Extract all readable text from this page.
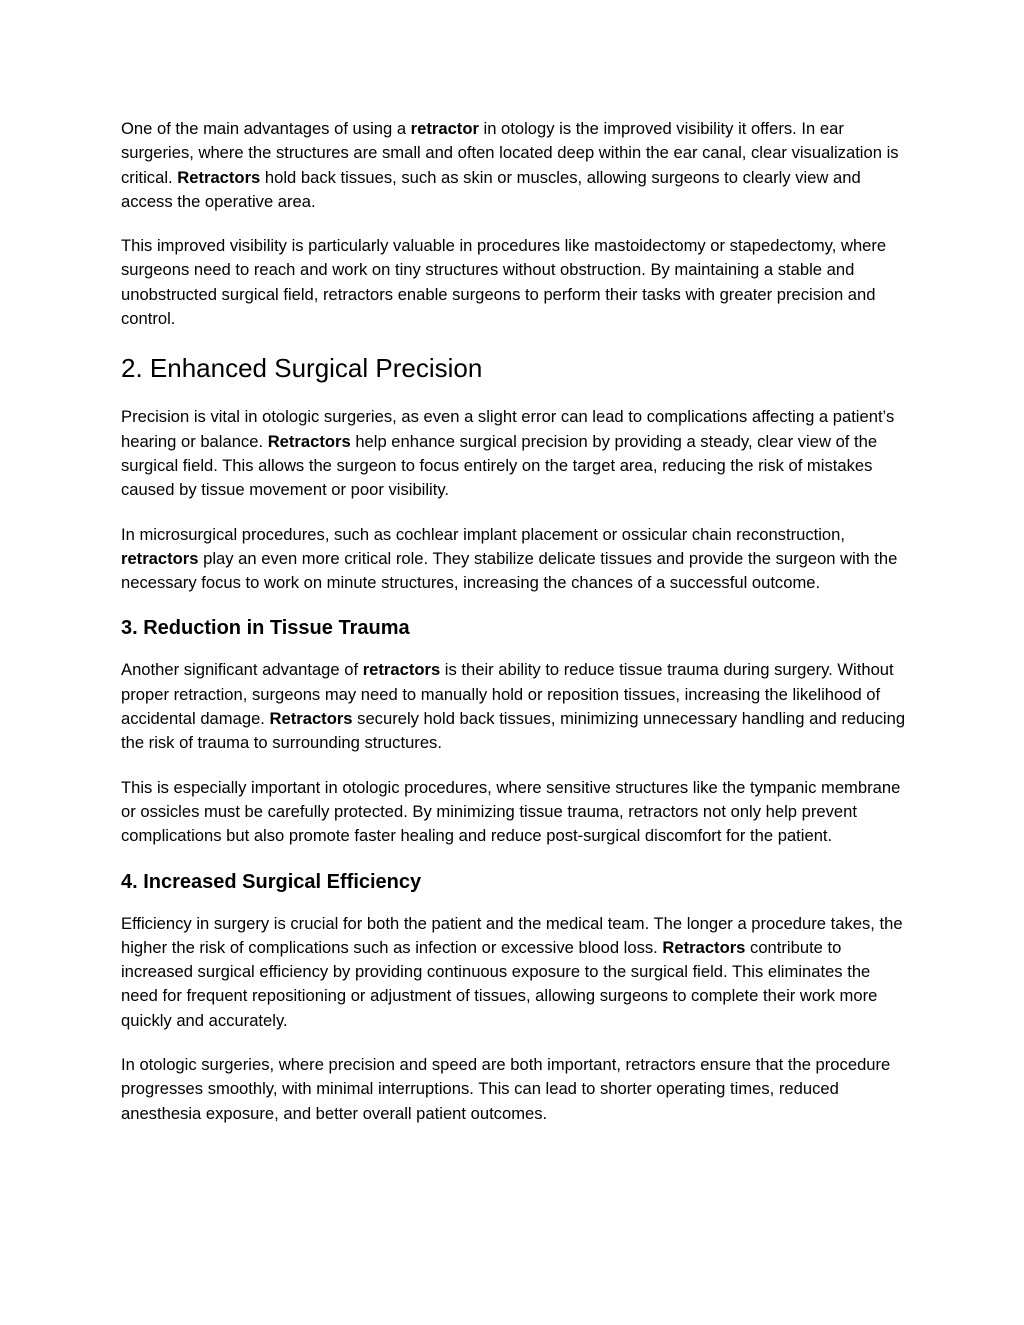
One of the main advantages of using a retractor in otology is the improved visibility it offers. In ear surgeries, where the structures are small and often located deep within the ear canal, clear visualization is critical. Retractors hold back tissues, such as skin or muscles, allowing surgeons to clearly view and access the operative area.

This improved visibility is particularly valuable in procedures like mastoidectomy or stapedectomy, where surgeons need to reach and work on tiny structures without obstruction. By maintaining a stable and unobstructed surgical field, retractors enable surgeons to perform their tasks with greater precision and control.

2. Enhanced Surgical Precision

Precision is vital in otologic surgeries, as even a slight error can lead to complications affecting a patient’s hearing or balance. Retractors help enhance surgical precision by providing a steady, clear view of the surgical field. This allows the surgeon to focus entirely on the target area, reducing the risk of mistakes caused by tissue movement or poor visibility.

In microsurgical procedures, such as cochlear implant placement or ossicular chain reconstruction, retractors play an even more critical role. They stabilize delicate tissues and provide the surgeon with the necessary focus to work on minute structures, increasing the chances of a successful outcome.

3. Reduction in Tissue Trauma

Another significant advantage of retractors is their ability to reduce tissue trauma during surgery. Without proper retraction, surgeons may need to manually hold or reposition tissues, increasing the likelihood of accidental damage. Retractors securely hold back tissues, minimizing unnecessary handling and reducing the risk of trauma to surrounding structures.

This is especially important in otologic procedures, where sensitive structures like the tympanic membrane or ossicles must be carefully protected. By minimizing tissue trauma, retractors not only help prevent complications but also promote faster healing and reduce post-surgical discomfort for the patient.

4. Increased Surgical Efficiency

Efficiency in surgery is crucial for both the patient and the medical team. The longer a procedure takes, the higher the risk of complications such as infection or excessive blood loss. Retractors contribute to increased surgical efficiency by providing continuous exposure to the surgical field. This eliminates the need for frequent repositioning or adjustment of tissues, allowing surgeons to complete their work more quickly and accurately.

In otologic surgeries, where precision and speed are both important, retractors ensure that the procedure progresses smoothly, with minimal interruptions. This can lead to shorter operating times, reduced anesthesia exposure, and better overall patient outcomes.
